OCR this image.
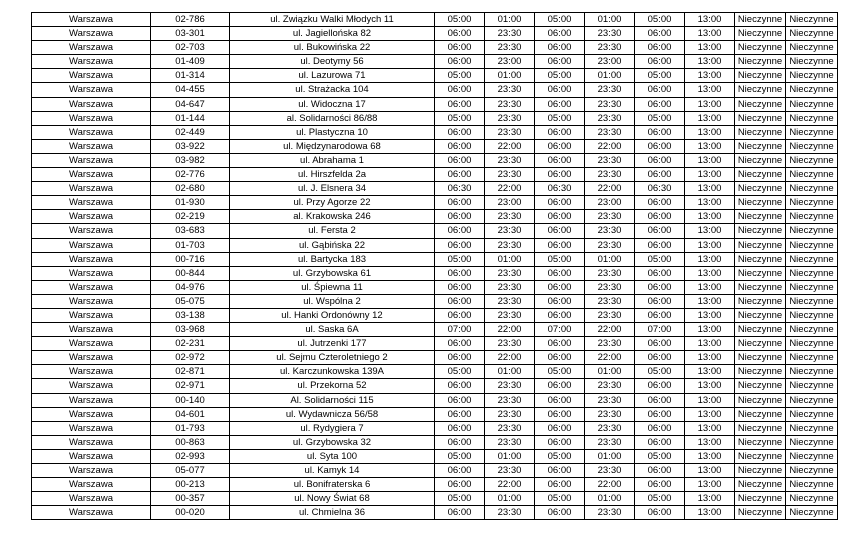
Warszawa	02-786	ul. Związku Walki Młodych 11	05:00	01:00	05:00	01:00	05:00	13:00	Nieczynne	Nieczynne
Warszawa	03-301	ul. Jagiellońska 82	06:00	23:30	06:00	23:30	06:00	13:00	Nieczynne	Nieczynne
Warszawa	02-703	ul. Bukowińska 22	06:00	23:30	06:00	23:30	06:00	13:00	Nieczynne	Nieczynne
Warszawa	01-409	ul. Deotymy 56	06:00	23:00	06:00	23:00	06:00	13:00	Nieczynne	Nieczynne
Warszawa	01-314	ul. Lazurowa 71	05:00	01:00	05:00	01:00	05:00	13:00	Nieczynne	Nieczynne
Warszawa	04-455	ul. Strażacka 104	06:00	23:30	06:00	23:30	06:00	13:00	Nieczynne	Nieczynne
Warszawa	04-647	ul. Widoczna 17	06:00	23:30	06:00	23:30	06:00	13:00	Nieczynne	Nieczynne
Warszawa	01-144	al. Solidarności 86/88	05:00	23:30	05:00	23:30	05:00	13:00	Nieczynne	Nieczynne
Warszawa	02-449	ul. Plastyczna 10	06:00	23:30	06:00	23:30	06:00	13:00	Nieczynne	Nieczynne
Warszawa	03-922	ul. Międzynarodowa 68	06:00	22:00	06:00	22:00	06:00	13:00	Nieczynne	Nieczynne
Warszawa	03-982	ul. Abrahama 1	06:00	23:30	06:00	23:30	06:00	13:00	Nieczynne	Nieczynne
Warszawa	02-776	ul. Hirszfelda 2a	06:00	23:30	06:00	23:30	06:00	13:00	Nieczynne	Nieczynne
Warszawa	02-680	ul. J. Elsnera 34	06:30	22:00	06:30	22:00	06:30	13:00	Nieczynne	Nieczynne
Warszawa	01-930	ul. Przy Agorze 22	06:00	23:00	06:00	23:00	06:00	13:00	Nieczynne	Nieczynne
Warszawa	02-219	al. Krakowska 246	06:00	23:30	06:00	23:30	06:00	13:00	Nieczynne	Nieczynne
Warszawa	03-683	ul. Fersta 2	06:00	23:30	06:00	23:30	06:00	13:00	Nieczynne	Nieczynne
Warszawa	01-703	ul. Gąbińska 22	06:00	23:30	06:00	23:30	06:00	13:00	Nieczynne	Nieczynne
Warszawa	00-716	ul. Bartycka 183	05:00	01:00	05:00	01:00	05:00	13:00	Nieczynne	Nieczynne
Warszawa	00-844	ul. Grzybowska 61	06:00	23:30	06:00	23:30	06:00	13:00	Nieczynne	Nieczynne
Warszawa	04-976	ul. Śpiewna 11	06:00	23:30	06:00	23:30	06:00	13:00	Nieczynne	Nieczynne
Warszawa	05-075	ul. Wspólna 2	06:00	23:30	06:00	23:30	06:00	13:00	Nieczynne	Nieczynne
Warszawa	03-138	ul. Hanki Ordonówny 12	06:00	23:30	06:00	23:30	06:00	13:00	Nieczynne	Nieczynne
Warszawa	03-968	ul. Saska 6A	07:00	22:00	07:00	22:00	07:00	13:00	Nieczynne	Nieczynne
Warszawa	02-231	ul. Jutrzenki 177	06:00	23:30	06:00	23:30	06:00	13:00	Nieczynne	Nieczynne
Warszawa	02-972	ul. Sejmu Czteroletniego 2	06:00	22:00	06:00	22:00	06:00	13:00	Nieczynne	Nieczynne
Warszawa	02-871	ul. Karczunkowska 139A	05:00	01:00	05:00	01:00	05:00	13:00	Nieczynne	Nieczynne
Warszawa	02-971	ul. Przekorna 52	06:00	23:30	06:00	23:30	06:00	13:00	Nieczynne	Nieczynne
Warszawa	00-140	Al. Solidarności 115	06:00	23:30	06:00	23:30	06:00	13:00	Nieczynne	Nieczynne
Warszawa	04-601	ul. Wydawnicza 56/58	06:00	23:30	06:00	23:30	06:00	13:00	Nieczynne	Nieczynne
Warszawa	01-793	ul. Rydygiera 7	06:00	23:30	06:00	23:30	06:00	13:00	Nieczynne	Nieczynne
Warszawa	00-863	ul. Grzybowska 32	06:00	23:30	06:00	23:30	06:00	13:00	Nieczynne	Nieczynne
Warszawa	02-993	ul. Syta 100	05:00	01:00	05:00	01:00	05:00	13:00	Nieczynne	Nieczynne
Warszawa	05-077	ul. Kamyk 14	06:00	23:30	06:00	23:30	06:00	13:00	Nieczynne	Nieczynne
Warszawa	00-213	ul. Bonifraterska 6	06:00	22:00	06:00	22:00	06:00	13:00	Nieczynne	Nieczynne
Warszawa	00-357	ul. Nowy Świat 68	05:00	01:00	05:00	01:00	05:00	13:00	Nieczynne	Nieczynne
Warszawa	00-020	ul. Chmielna 36	06:00	23:30	06:00	23:30	06:00	13:00	Nieczynne	Nieczynne
